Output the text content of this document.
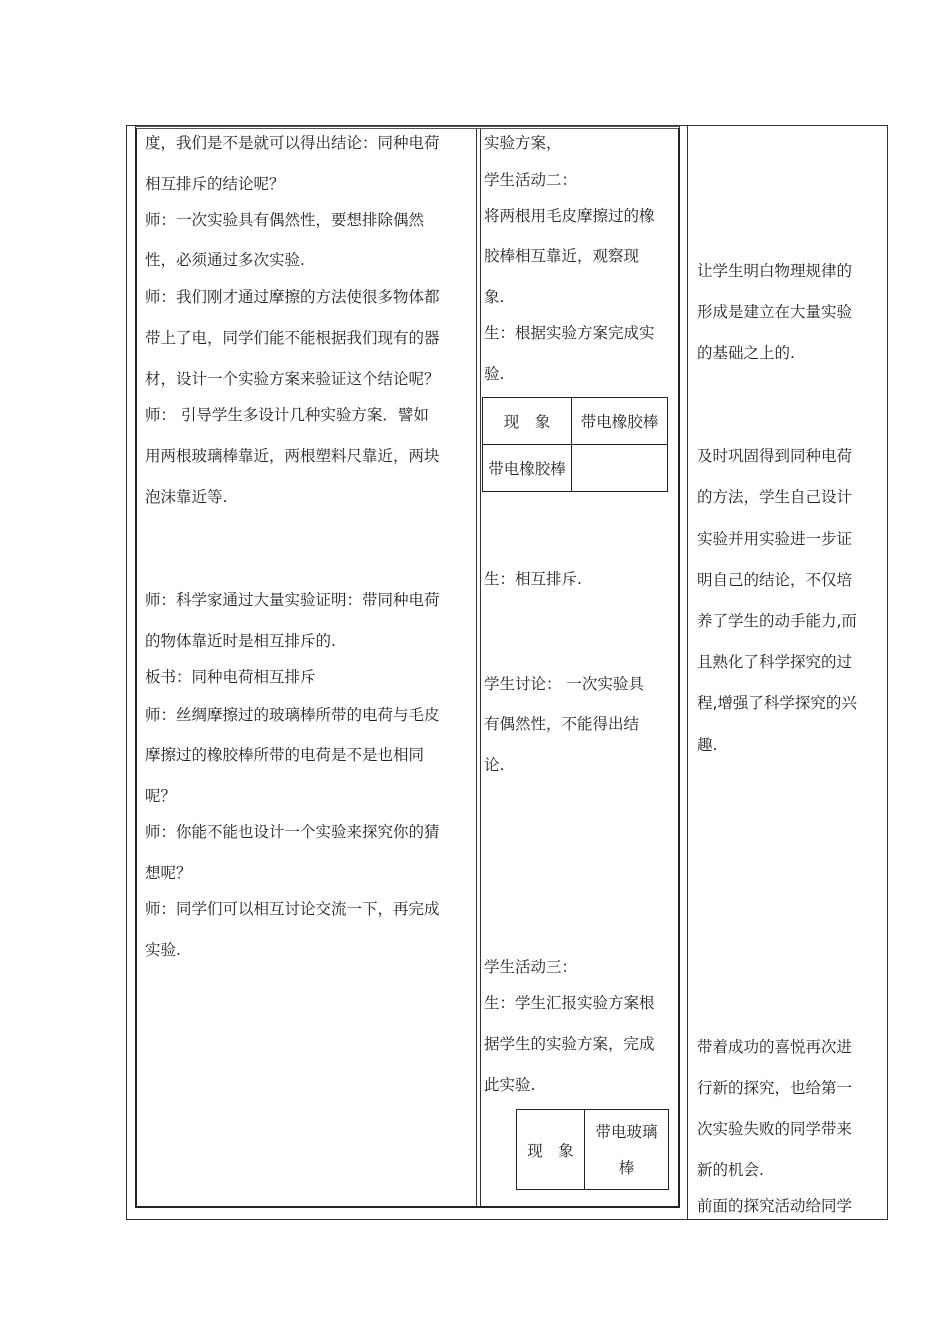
度，我们是不是就可以得出结论：同种电荷

相互排斥的结论呢？

师：一次实验具有偶然性，要想排除偶然

性，必须通过多次实验.

师：我们刚才通过摩擦的方法使很多物体都

带上了电，同学们能不能根据我们现有的器

材，设计一个实验方案来验证这个结论呢？

师： 引导学生多设计几种实验方案．譬如

用两根玻璃棒靠近，两根塑料尺靠近，两块

泡沫靠近等.

师：科学家通过大量实验证明：带同种电荷

的物体靠近时是相互排斥的.

板书：同种电荷相互排斥

师：丝绸摩擦过的玻璃棒所带的电荷与毛皮

摩擦过的橡胶棒所带的电荷是不是也相同

呢？

师：你能不能也设计一个实验来探究你的猜

想呢？

师：同学们可以相互讨论交流一下，再完成

实验.

实验方案，

学生活动二：

将两根用毛皮摩擦过的橡

胶棒相互靠近，观察现

象.

生：根据实验方案完成实

验.

生：相互排斥.

学生讨论： 一次实验具

有偶然性，不能得出结

论.

学生活动三：

生：学生汇报实验方案根

据学生的实验方案，完成

此实验.

现　象	带电橡胶棒
带电橡胶棒	
现　象	带电玻璃
棒

让学生明白物理规律的

形成是建立在大量实验

的基础之上的.

及时巩固得到同种电荷

的方法，学生自己设计

实验并用实验进一步证

明自己的结论，不仅培

养了学生的动手能力,而

且熟化了科学探究的过

程,增强了科学探究的兴

趣.

带着成功的喜悦再次进

行新的探究，也给第一

次实验失败的同学带来

新的机会.

前面的探究活动给同学
